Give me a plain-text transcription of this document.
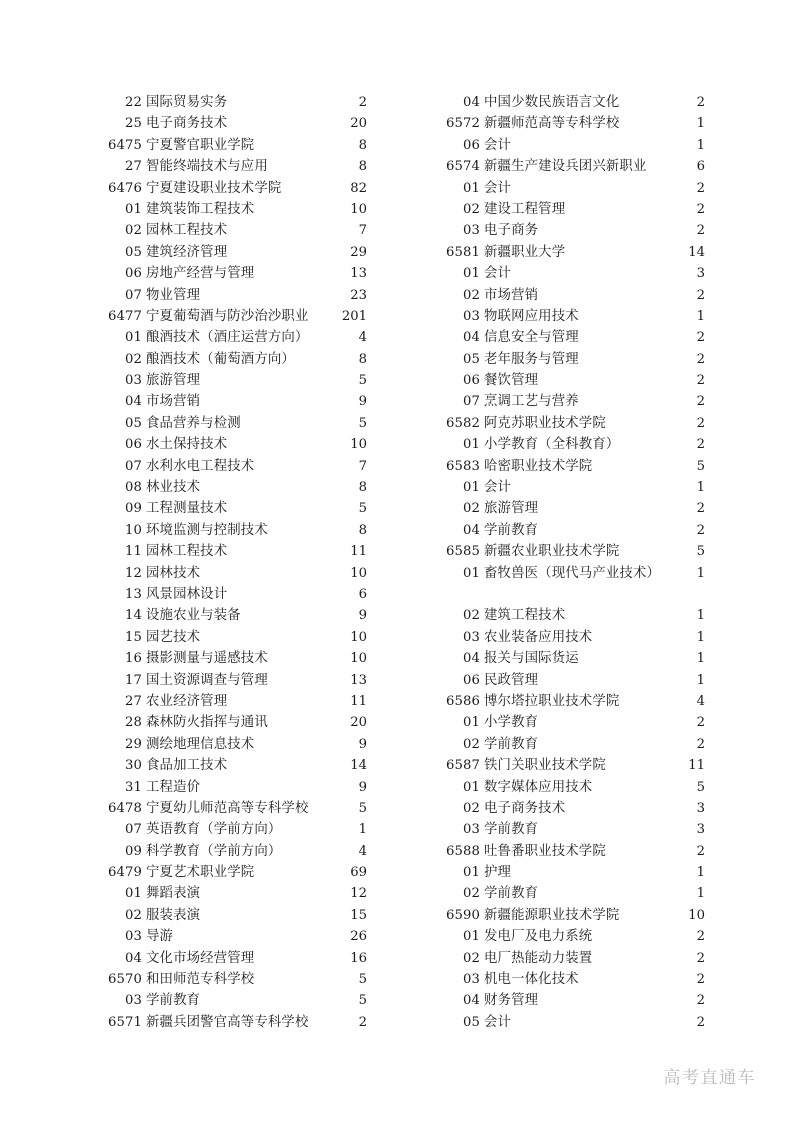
22 国际贸易实务	2
25 电子商务技术	20
6475 宁夏警官职业学院	8
27 智能终端技术与应用	8
6476 宁夏建设职业技术学院	82
01 建筑装饰工程技术	10
02 园林工程技术	7
05 建筑经济管理	29
06 房地产经营与管理	13
07 物业管理	23
6477 宁夏葡萄酒与防沙治沙职业	201
01 酿酒技术（酒庄运营方向）	4
02 酿酒技术（葡萄酒方向）	8
03 旅游管理	5
04 市场营销	9
05 食品营养与检测	5
06 水土保持技术	10
07 水利水电工程技术	7
08 林业技术	8
09 工程测量技术	5
10 环境监测与控制技术	8
11 园林工程技术	11
12 园林技术	10
13 风景园林设计	6
14 设施农业与装备	9
15 园艺技术	10
16 摄影测量与遥感技术	10
17 国土资源调查与管理	13
27 农业经济管理	11
28 森林防火指挥与通讯	20
29 测绘地理信息技术	9
30 食品加工技术	14
31 工程造价	9
6478 宁夏幼儿师范高等专科学校	5
07 英语教育（学前方向）	1
09 科学教育（学前方向）	4
6479 宁夏艺术职业学院	69
01 舞蹈表演	12
02 服装表演	15
03 导游	26
04 文化市场经营管理	16
6570 和田师范专科学校	5
03 学前教育	5
6571 新疆兵团警官高等专科学校	2
04 中国少数民族语言文化	2
6572 新疆师范高等专科学校	1
06 会计	1
6574 新疆生产建设兵团兴新职业	6
01 会计	2
02 建设工程管理	2
03 电子商务	2
6581 新疆职业大学	14
01 会计	3
02 市场营销	2
03 物联网应用技术	1
04 信息安全与管理	2
05 老年服务与管理	2
06 餐饮管理	2
07 烹调工艺与营养	2
6582 阿克苏职业技术学院	2
01 小学教育（全科教育）	2
6583 哈密职业技术学院	5
01 会计	1
02 旅游管理	2
04 学前教育	2
6585 新疆农业职业技术学院	5
01 畜牧兽医（现代马产业技术）	1
02 建筑工程技术	1
03 农业装备应用技术	1
04 报关与国际货运	1
06 民政管理	1
6586 博尔塔拉职业技术学院	4
01 小学教育	2
02 学前教育	2
6587 铁门关职业技术学院	11
01 数字媒体应用技术	5
02 电子商务技术	3
03 学前教育	3
6588 吐鲁番职业技术学院	2
01 护理	1
02 学前教育	1
6590 新疆能源职业技术学院	10
01 发电厂及电力系统	2
02 电厂热能动力装置	2
03 机电一体化技术	2
04 财务管理	2
05 会计	2
高考直通车
